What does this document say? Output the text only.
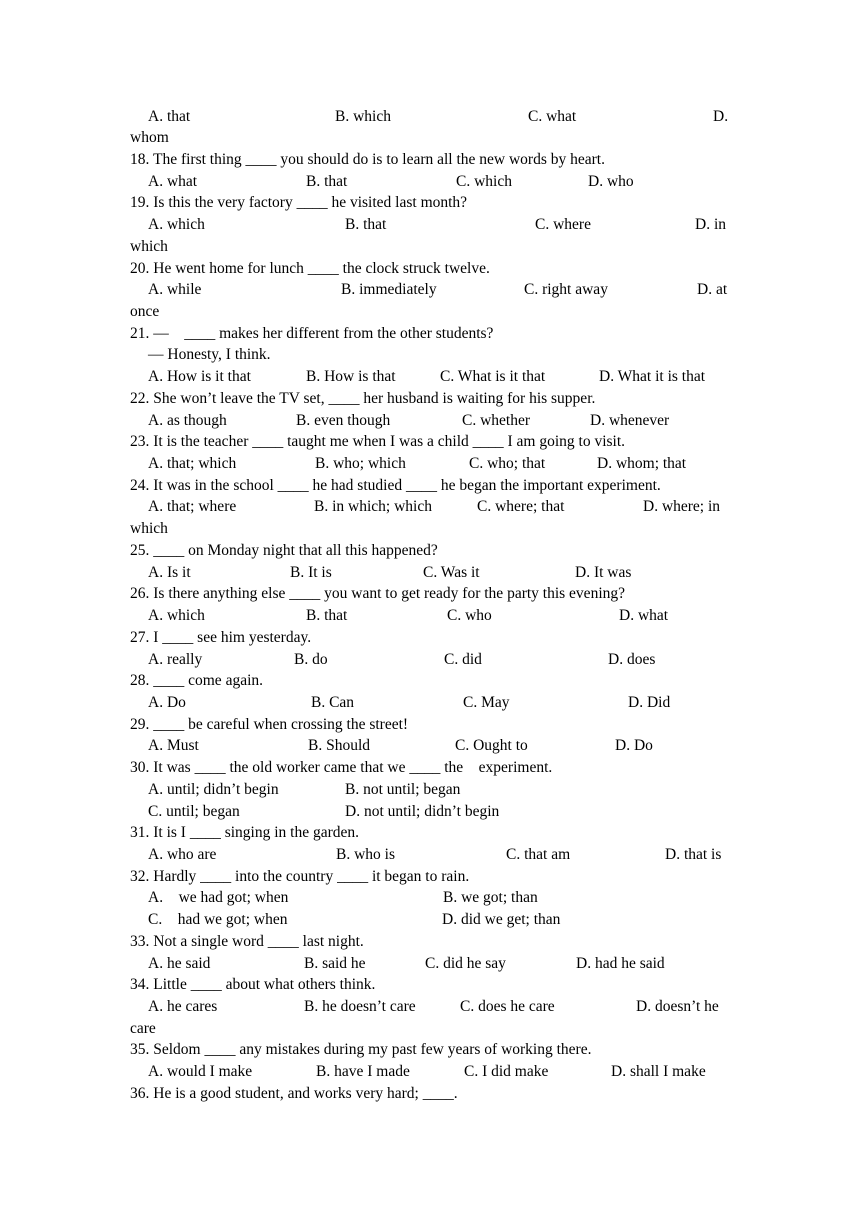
A. that	B. which	C. what	D.
whom
18. The first thing ____ you should do is to learn all the new words by heart.
A. what	B. that	C. which	D. who
19. Is this the very factory ____ he visited last month?
A. which	B. that	C. where	D. in
which
20. He went home for lunch ____ the clock struck twelve.
A. while	B. immediately	C. right away	D. at
once
21. —    ____ makes her different from the other students?
— Honesty, I think.
A. How is it that	B. How is that	C. What is it that	D. What it is that
22. She won’t leave the TV set, ____ her husband is waiting for his supper.
A. as though	B. even though	C. whether	D. whenever
23. It is the teacher ____ taught me when I was a child ____ I am going to visit.
A. that; which	B. who; which	C. who; that	D. whom; that
24. It was in the school ____ he had studied ____ he began the important experiment.
A. that; where	B. in which; which	C. where; that	D. where; in
which
25. ____ on Monday night that all this happened?
A. Is it	B. It is	C. Was it	D. It was
26. Is there anything else ____ you want to get ready for the party this evening?
A. which	B. that	C. who	D. what
27. I ____ see him yesterday.
A. really	B. do	C. did	D. does
28. ____ come again.
A. Do	B. Can	C. May	D. Did
29. ____ be careful when crossing the street!
A. Must	B. Should	C. Ought to	D. Do
30. It was ____ the old worker came that we ____ the    experiment.
A. until; didn’t begin	B. not until; began
C. until; began	D. not until; didn’t begin
31. It is I ____ singing in the garden.
A. who are	B. who is	C. that am	D. that is
32. Hardly ____ into the country ____ it began to rain.
A.    we had got; when	B. we got; than
C.    had we got; when	D. did we get; than
33. Not a single word ____ last night.
A. he said	B. said he	C. did he say	D. had he said
34. Little ____ about what others think.
A. he cares	B. he doesn’t care	C. does he care	D. doesn’t he
care
35. Seldom ____ any mistakes during my past few years of working there.
A. would I make	B. have I made	C. I did make	D. shall I make
36. He is a good student, and works very hard; ____.
